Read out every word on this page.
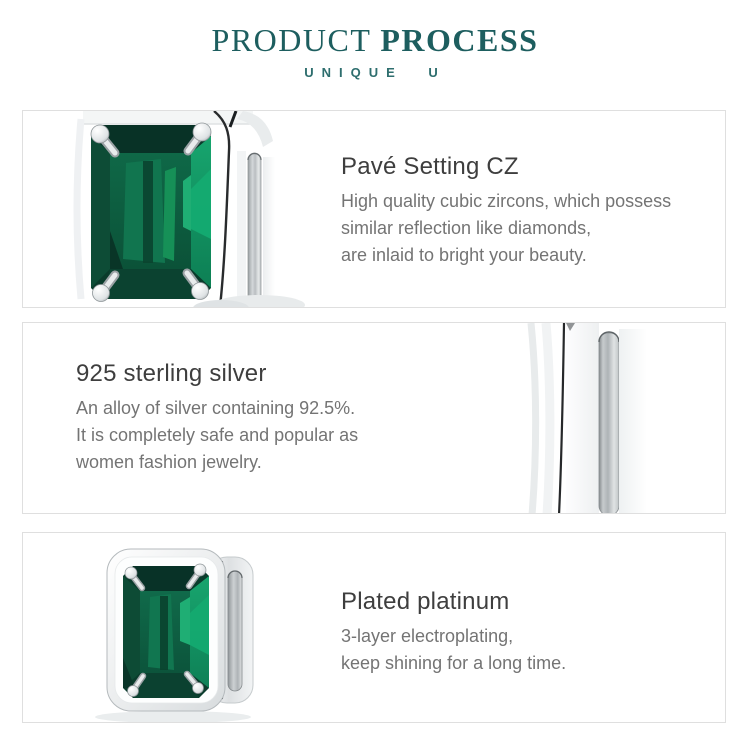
PRODUCT PROCESS
UNIQUE U
Pavé Setting CZ
High quality cubic zircons, which possess
similar reflection like diamonds,
are inlaid to bright your beauty.
925 sterling silver
An alloy of silver containing 92.5%.
It is completely safe and popular as
women fashion jewelry.
Plated platinum
3-layer electroplating,
keep shining for a long time.
